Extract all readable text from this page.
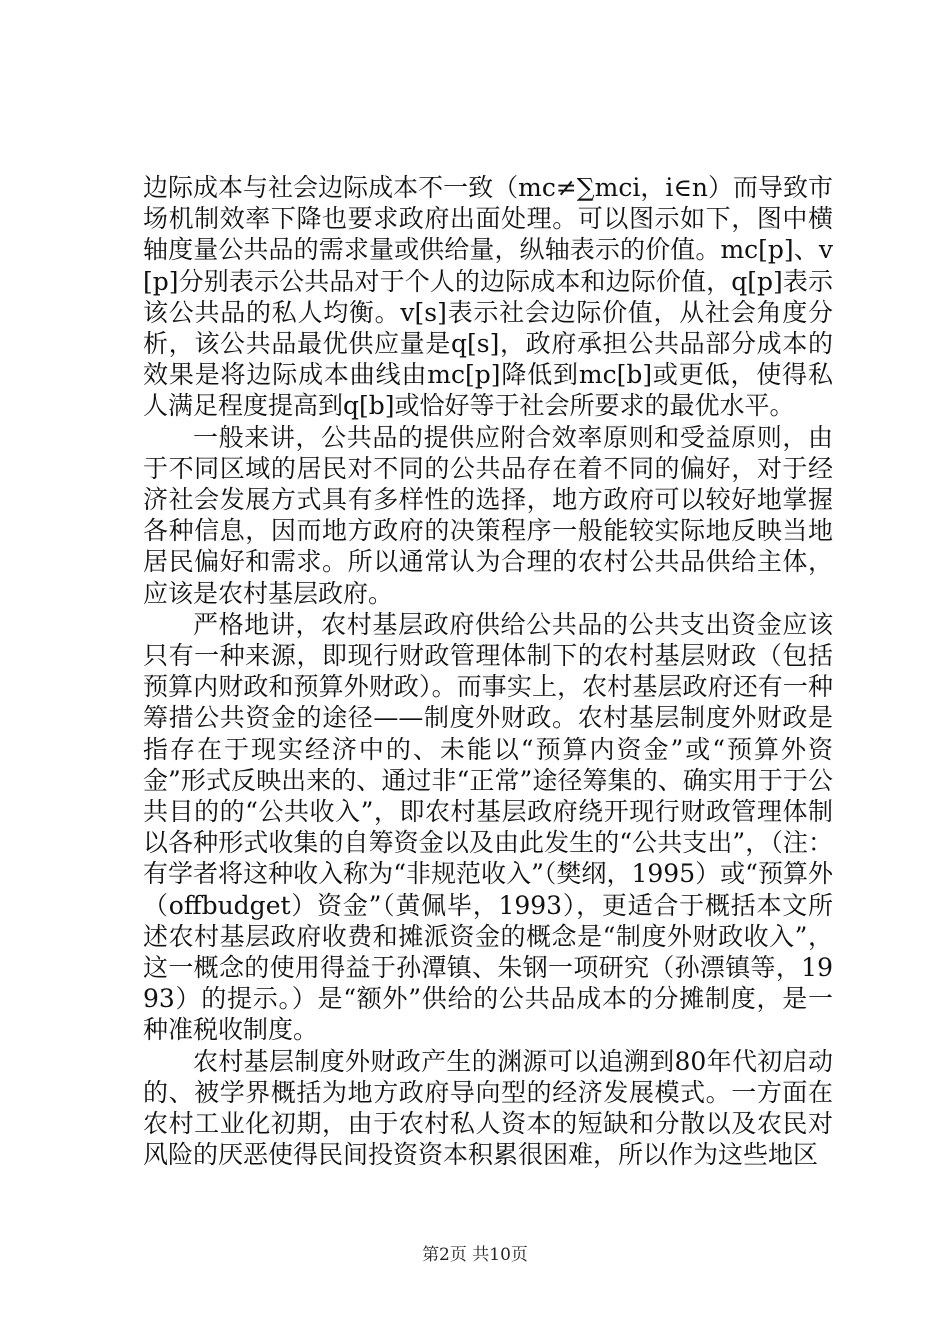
边际成本与社会边际成本不一致（mc≠∑mci，i∈n）而导致市场机制效率下降也要求政府出面处理。可以图示如下，图中横轴度量公共品的需求量或供给量，纵轴表示的价值。mc[p]、v[p]分别表示公共品对于个人的边际成本和边际价值，q[p]表示该公共品的私人均衡。v[s]表示社会边际价值，从社会角度分析，该公共品最优供应量是q[s]，政府承担公共品部分成本的效果是将边际成本曲线由mc[p]降低到mc[b]或更低，使得私人满足程度提高到q[b]或恰好等于社会所要求的最优水平。

一般来讲，公共品的提供应附合效率原则和受益原则，由于不同区域的居民对不同的公共品存在着不同的偏好，对于经济社会发展方式具有多样性的选择，地方政府可以较好地掌握各种信息，因而地方政府的决策程序一般能较实际地反映当地居民偏好和需求。所以通常认为合理的农村公共品供给主体，应该是农村基层政府。

严格地讲，农村基层政府供给公共品的公共支出资金应该只有一种来源，即现行财政管理体制下的农村基层财政（包括预算内财政和预算外财政）。而事实上，农村基层政府还有一种筹措公共资金的途径——制度外财政。农村基层制度外财政是指存在于现实经济中的、未能以“预算内资金”或“预算外资金”形式反映出来的、通过非“正常”途径筹集的、确实用于于公共目的的“公共收入”，即农村基层政府绕开现行财政管理体制以各种形式收集的自筹资金以及由此发生的“公共支出”，（注：有学者将这种收入称为“非规范收入”（樊纲，1995）或“预算外（offbudget）资金”（黄佩毕，1993），更适合于概括本文所述农村基层政府收费和摊派资金的概念是“制度外财政收入”，这一概念的使用得益于孙潭镇、朱钢一项研究（孙漂镇等，1993）的提示。）是“额外”供给的公共品成本的分摊制度，是一种准税收制度。

农村基层制度外财政产生的渊源可以追溯到80年代初启动的、被学界概括为地方政府导向型的经济发展模式。一方面在农村工业化初期，由于农村私人资本的短缺和分散以及农民对风险的厌恶使得民间投资资本积累很困难，所以作为这些地区

第2页 共10页
